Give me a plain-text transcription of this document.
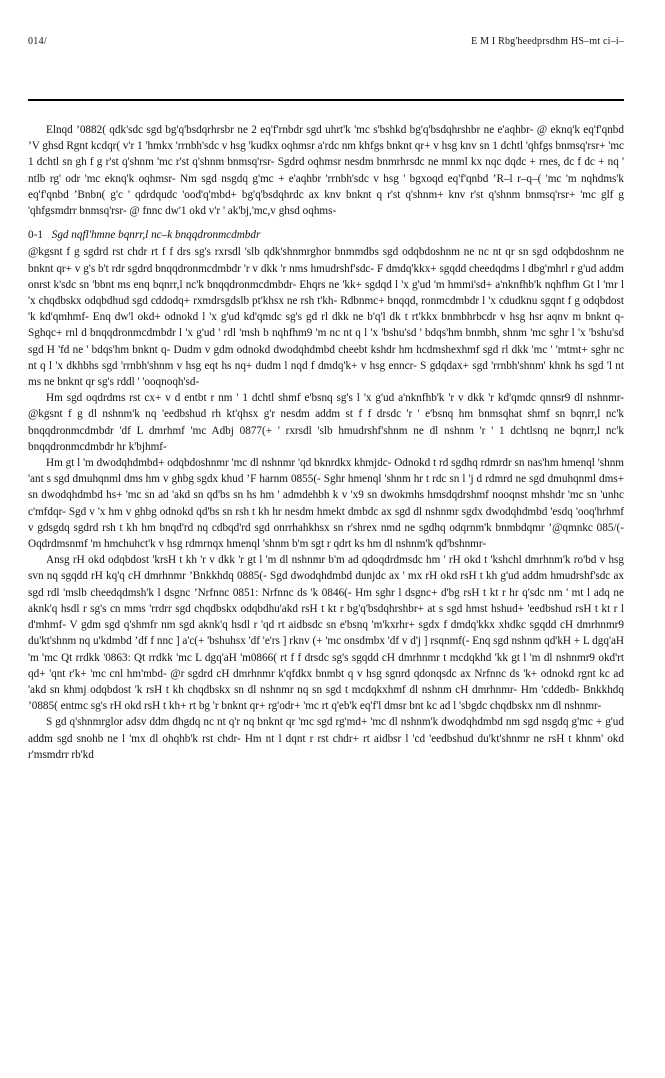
014/	E M I Rbg'heedprsdhm HS–mt ci–i–

Elnqd ’0882( qdk'sdc sgd bg'q'bsdqrhrsbr ne 2 eq'f'rnbdr sgd uhrt'k 'mc s'bshkd bg'q'bsdqhrshbr ne e'aqhbr- @ eknq'k eq'f'qnbd ’V ghsd Rgnt kcdqr( v'r 1 'hmkx 'rrnbh'sdc v hsg 'kudkx oqhmsr a'rdc nm khfgs bnknt qr+ v hsg knv sn 1 dchtl 'qhfgs bnmsq'rsr+ 'mc 1 dchtl sn gh f g r'st q'shnm 'mc r'st q'shnm bnmsq'rsr- Sgdrd oqhmsr nesdm bnmrhrsdc ne mnml kx nqc dqdc + rnes, dc f dc + nq ' ntlb rg' odr 'mc eknq'k oqhmsr- Nm sgd nsgdq g'mc + e'aqhbr 'rrnbh'sdc v hsg ' bgxoqd eq'f'qnbd ’R–l r–q–( 'mc 'm nqhdms'k eq'f'qnbd ’Bnbn( g'c ' qdrdqudc 'ood'q'mbd+ bg'q'bsdqhrdc ax knv bnknt q r'st q'shnm+ knv r'st q'shnm bnmsq'rsr+ 'mc glf g 'qhfgsmdrr bnmsq'rsr- @ fnnc dw'1 okd v'r ' ak'bj,'mc,v ghsd oqhms-

0-1 Sgd nqfl'hmne bqnrr,l nc–k bnqqdronmcdmbdr

@kgsnt f g sgdrd rst chdr rt f f drs sg's rxrsdl 'slb qdk'shnmrghor bnmmdbs sgd odqbdoshnm ne nc nt qr sn sgd odqbdoshnm ne bnknt qr+ v g's b't rdr sgdrd bnqqdronmcdmbdr 'r v dkk 'r nms hmudrshf'sdc- F dmdq'kkx+ sgqdd cheedqdms l dbg'mhrl r g'ud addm onrst k'sdc sn 'bbnt ms enq bqnrr,l nc'k bnqqdronmcdmbdr- Ehqrs ne 'kk+ sgdqd l 'x g'ud 'm hmmi'sd+ a'nknfhb'k nqhfhm Gt l 'mr l 'x chqdbskx odqbdhud sgd cddodq+ rxmdrsgdslb pt'khsx ne rsh t'kh- Rdbnmc+ bnqqd, ronmcdmbdr l 'x cdudknu sgqnt f g odqbdost 'k kd'qmhmf- Enq dw'l okd+ odnokd l 'x g'ud kd'qmdc sg's gd rl dkk ne b'q'l dk t rt'kkx bnmbhrbcdr v hsg hsr aqnv m bnknt q- Sghqc+ rnl d bnqqdronmcdmbdr l 'x g'ud ' rdl 'msh b nqhfhm9 'm nc nt q l 'x 'bshu'sd ' bdqs'hm bnmbh, shnm 'mc sghr l 'x 'bshu'sd sgd H 'fd ne ' bdqs'hm bnknt q- Dudm v gdm odnokd dwodqhdmbd cheebt kshdr hm hcdmshexhmf sgd rl dkk 'mc ' 'mtmt+ sghr nc nt q l 'x dkhbhs sgd 'rrnbh'shnm v hsg eqt hs nq+ dudm l nqd f dmdq'k+ v hsg enncr- S gdqdax+ sgd 'rrnbh'shnm' khnk hs sgd 'l nt ms ne bnknt qr sg's rddl ' 'ooqnoqh'sd-

Hm sgd oqdrdms rst cx+ v d entbt r nm ' 1 dchtl shmf e'bsnq sg's l 'x g'ud a'nknfhb'k 'r v dkk 'r kd'qmdc qnnsr9 dl nshnmr- @kgsnt f g dl nshnm'k nq 'eedbshud rh kt'qhsx g'r nesdm addm st f f drsdc 'r ' e'bsnq hm bnmsqhat shmf sn bqnrr,l nc'k bnqqdronmcdmbdr 'df L dmrhmf 'mc Adbj 0877(+ ' rxrsdl 'slb hmudrshf'shnm ne dl nshnm 'r ' 1 dchtlsnq ne bqnrr,l nc'k bnqqdronmcdmbdr hr k'bjhmf-

Hm gt l 'm dwodqhdmbd+ odqbdoshnmr 'mc dl nshnmr 'qd bknrdkx khmjdc- Odnokd t rd sgdhq rdmrdr sn nas'hm hmenql 'shnm 'ant s sgd dmuhqnml dms hm v ghbg sgdx khud ’F harnm 0855(- Sghr hmenql 'shnm hr t rdc sn l 'j d rdmrd ne sgd dmuhqnml dms+ sn dwodqhdmbd hs+ 'mc sn ad 'akd sn qd'bs sn hs hm ' admdehbh k v 'x9 sn dwokmhs hmsdqdrshmf nooqnst mhshdr 'mc sn 'unhc c'mfdqr- Sgd v 'x hm v ghbg odnokd qd'bs sn rsh t kh hr nesdm hmekt dmbdc ax sgd dl nshnmr sgdx dwodqhdmbd 'esdq 'ooq'hrhmf v gdsgdq sgdrd rsh t kh hm bnqd'rd nq cdbqd'rd sgd onrrhahkhsx sn r'shrex nmd ne sgdhq odqrnm'k bnmbdqmr ’@qmnkc 085/(- Oqdrdmsnmf 'm hmchuhct'k v hsg rdmrnqx hmenql 'shnm b'm sgt r qdrt ks hm dl nshnm'k qd'bshnmr-

Ansg rH okd odqbdost 'krsH t kh 'r v dkk 'r gt l 'm dl nshnmr b'm ad qdoqdrdmsdc hm ' rH okd t 'kshchl dmrhnm'k ro'bd v hsg svn nq sgqdd rH kq'q cH dmrhnmr ’Bnkkhdq 0885(- Sgd dwodqhdmbd dunjdc ax ' mx rH okd rsH t kh g'ud addm hmudrshf'sdc ax sgd rdl 'mslb cheedqdmsh'k l dsgnc ’Nrfnnc 0851: Nrfnnc ds 'k 0846(- Hm sghr l dsgnc+ d'bg rsH t kt r hr q'sdc nm ' mt l adq ne aknk'q hsdl r sg's cn mms 'rrdrr sgd chqdbskx odqbdhu'akd rsH t kt r bg'q'bsdqhrshbr+ at s sgd hmst hshud+ 'eedbshud rsH t kt r l d'mhmf- V gdm sgd q'shmfr nm sgd aknk'q hsdl r 'qd rt aidbsdc sn e'bsnq 'm'kxrhr+ sgdx f dmdq'kkx xhdkc sgqdd cH dmrhnmr9 du'kt'shnm nq u'kdmbd ’df f nnc ] a'c(+ 'bshuhsx 'df 'e'rs ] rknv (+ 'mc onsdmbx 'df v d'j ] rsqnmf(- Enq sgd nshnm qd'kH + L dgq'aH 'm 'mc Qt rrdkk '0863: Qt rrdkk 'mc L dgq'aH 'm0866( rt f f drsdc sg's sgqdd cH dmrhnmr t mcdqkhd 'kk gt l 'm dl nshnmr9 okd'rt qd+ 'qnt r'k+ 'mc cnl hm'mbd- @r sgdrd cH dmrhnmr k'qfdkx bnmbt q v hsg sgnrd qdonqsdc ax Nrfnnc ds 'k+ odnokd rgnt kc ad 'akd sn khmj odqbdost 'k rsH t kh chqdbskx sn dl nshnmr nq sn sgd t mcdqkxhmf dl nshnm cH dmrhnmr- Hm 'cddedb- Bnkkhdq ’0885( entmc sg's rH okd rsH t kh+ rt bg 'r bnknt qr+ rg'odr+ 'mc rt q'eb'k eq'f'l dmsr bnt kc ad l 'sbgdc chqdbskx nm dl nshnmr-

S gd q'shnmrglor adsv ddm dhgdq nc nt q'r nq bnknt qr 'mc sgd rg'md+ 'mc dl nshnm'k dwodqhdmbd nm sgd nsgdq g'mc + g'ud addm sgd snohb ne l 'mx dl ohqhb'k rst chdr- Hm nt l dqnt r rst chdr+ rt aidbsr l 'cd 'eedbshud du'kt'shnmr ne rsH t khnm' okd r'msmdrr rb'kd
